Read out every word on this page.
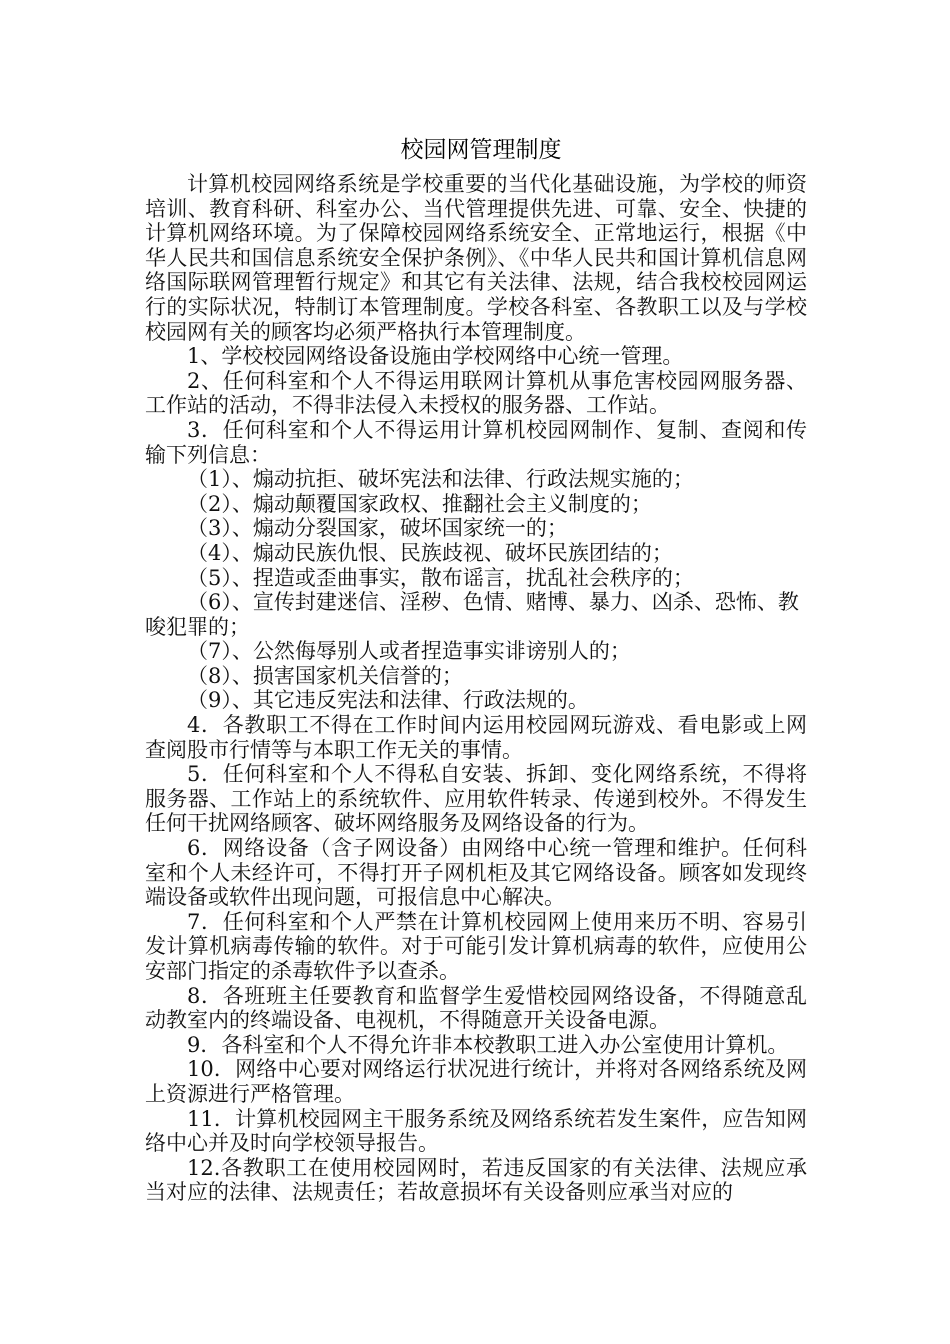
校园网管理制度

计算机校园网络系统是学校重要的当代化基础设施，为学校的师资培训、教育科研、科室办公、当代管理提供先进、可靠、安全、快捷的计算机网络环境。为了保障校园网络系统安全、正常地运行，根据《中华人民共和国信息系统安全保护条例》、《中华人民共和国计算机信息网络国际联网管理暂行规定》和其它有关法律、法规，结合我校校园网运行的实际状况，特制订本管理制度。学校各科室、各教职工以及与学校校园网有关的顾客均必须严格执行本管理制度。

1、学校校园网络设备设施由学校网络中心统一管理。

2、任何科室和个人不得运用联网计算机从事危害校园网服务器、工作站的活动，不得非法侵入未授权的服务器、工作站。

3．任何科室和个人不得运用计算机校园网制作、复制、查阅和传输下列信息：

（1）、煽动抗拒、破坏宪法和法律、行政法规实施的；

（2）、煽动颠覆国家政权、推翻社会主义制度的；

（3）、煽动分裂国家，破坏国家统一的；

（4）、煽动民族仇恨、民族歧视、破坏民族团结的；

（5）、捏造或歪曲事实，散布谣言，扰乱社会秩序的；

（6）、宣传封建迷信、淫秽、色情、赌博、暴力、凶杀、恐怖、教唆犯罪的；

（7）、公然侮辱别人或者捏造事实诽谤别人的；

（8）、损害国家机关信誉的；

（9）、其它违反宪法和法律、行政法规的。

4．各教职工不得在工作时间内运用校园网玩游戏、看电影或上网查阅股市行情等与本职工作无关的事情。

5．任何科室和个人不得私自安装、拆卸、变化网络系统，不得将服务器、工作站上的系统软件、应用软件转录、传递到校外。不得发生任何干扰网络顾客、破坏网络服务及网络设备的行为。

6．网络设备（含子网设备）由网络中心统一管理和维护。任何科室和个人未经许可，不得打开子网机柜及其它网络设备。顾客如发现终端设备或软件出现问题，可报信息中心解决。

7．任何科室和个人严禁在计算机校园网上使用来历不明、容易引发计算机病毒传输的软件。对于可能引发计算机病毒的软件，应使用公安部门指定的杀毒软件予以查杀。

8．各班班主任要教育和监督学生爱惜校园网络设备，不得随意乱动教室内的终端设备、电视机，不得随意开关设备电源。

9．各科室和个人不得允许非本校教职工进入办公室使用计算机。

10．网络中心要对网络运行状况进行统计，并将对各网络系统及网上资源进行严格管理。

11．计算机校园网主干服务系统及网络系统若发生案件，应告知网络中心并及时向学校领导报告。

12.各教职工在使用校园网时，若违反国家的有关法律、法规应承当对应的法律、法规责任；若故意损坏有关设备则应承当对应的
